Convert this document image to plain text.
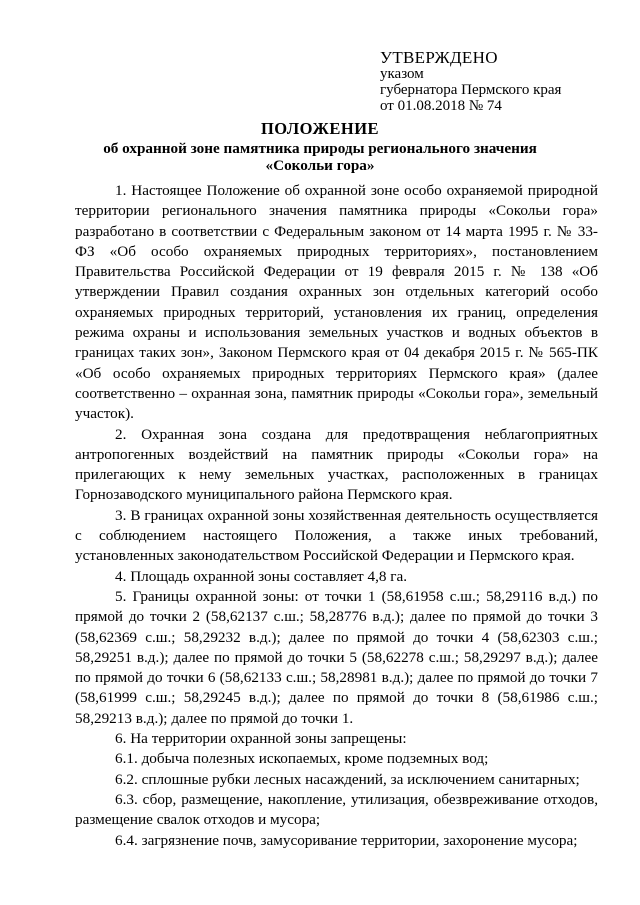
УТВЕРЖДЕНО
указом
губернатора Пермского края
от 01.08.2018 № 74
ПОЛОЖЕНИЕ
об охранной зоне памятника природы регионального значения
«Сокольи гора»

1. Настоящее Положение об охранной зоне особо охраняемой природной территории регионального значения памятника природы «Сокольи гора» разработано в соответствии с Федеральным законом от 14 марта 1995 г. № 33-ФЗ «Об особо охраняемых природных территориях», постановлением Правительства Российской Федерации от 19 февраля 2015 г. № 138 «Об утверждении Правил создания охранных зон отдельных категорий особо охраняемых природных территорий, установления их границ, определения режима охраны и использования земельных участков и водных объектов в границах таких зон», Законом Пермского края от 04 декабря 2015 г. № 565-ПК «Об особо охраняемых природных территориях Пермского края» (далее соответственно – охранная зона, памятник природы «Сокольи гора», земельный участок).

2. Охранная зона создана для предотвращения неблагоприятных антропогенных воздействий на памятник природы «Сокольи гора» на прилегающих к нему земельных участках, расположенных в границах Горнозаводского муниципального района Пермского края.

3. В границах охранной зоны хозяйственная деятельность осуществляется с соблюдением настоящего Положения, а также иных требований, установленных законодательством Российской Федерации и Пермского края.

4. Площадь охранной зоны составляет 4,8 га.

5. Границы охранной зоны: от точки 1 (58,61958 с.ш.; 58,29116 в.д.) по прямой до точки 2 (58,62137 с.ш.; 58,28776 в.д.); далее по прямой до точки 3 (58,62369 с.ш.; 58,29232 в.д.); далее по прямой до точки 4 (58,62303 с.ш.; 58,29251 в.д.); далее по прямой до точки 5 (58,62278 с.ш.; 58,29297 в.д.); далее по прямой до точки 6 (58,62133 с.ш.; 58,28981 в.д.); далее по прямой до точки 7 (58,61999 с.ш.; 58,29245 в.д.); далее по прямой до точки 8 (58,61986 с.ш.; 58,29213 в.д.); далее по прямой до точки 1.

6. На территории охранной зоны запрещены:

6.1. добыча полезных ископаемых, кроме подземных вод;

6.2. сплошные рубки лесных насаждений, за исключением санитарных;

6.3. сбор, размещение, накопление, утилизация, обезвреживание отходов, размещение свалок отходов и мусора;

6.4. загрязнение почв, замусоривание территории, захоронение мусора;
